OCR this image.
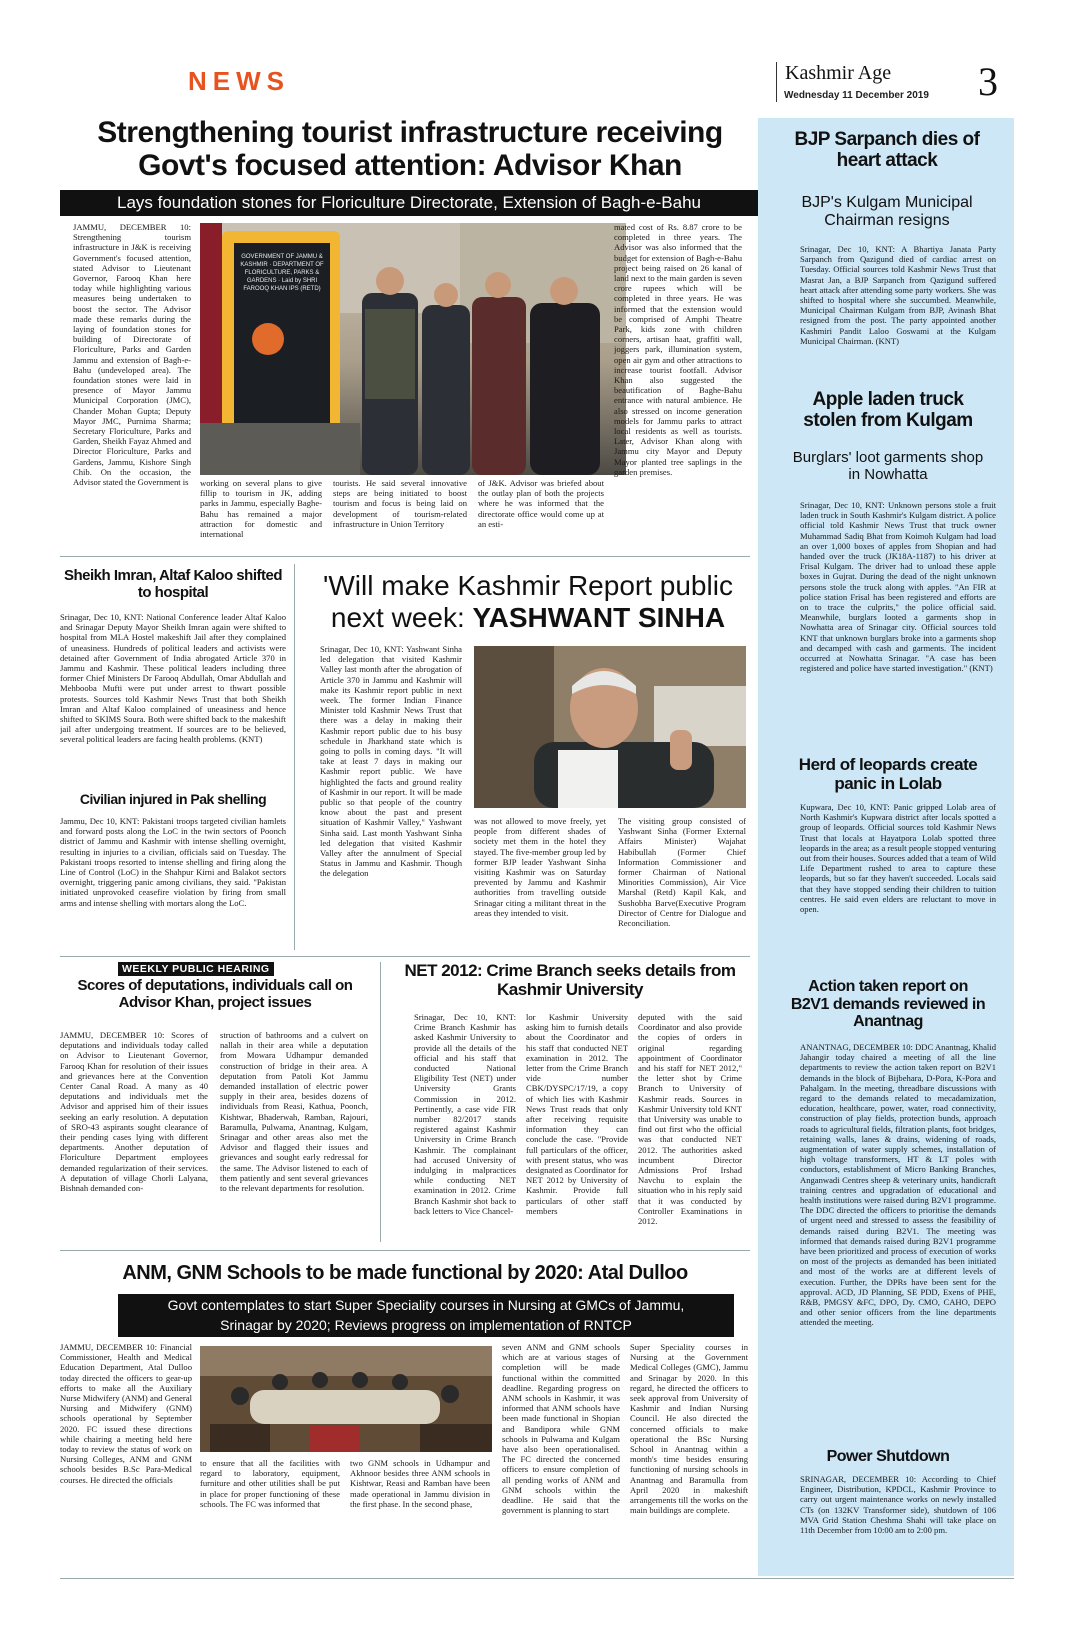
NEWS	Kashmir Age
Wednesday 11 December 2019 3
Strengthening tourist infrastructure receiving Govt's focused attention: Advisor Khan
Lays foundation stones for Floriculture Directorate, Extension of Bagh-e-Bahu
JAMMU, DECEMBER 10: Strengthening tourism infrastructure in J&K is receiving Government's focused attention, stated Advisor to Lieutenant Governor, Farooq Khan here today while highlighting various measures being undertaken to boost the sector. The Advisor made these remarks during the laying of foundation stones for building of Directorate of Floriculture, Parks and Garden Jammu and extension of Bagh-e-Bahu (undeveloped area). The foundation stones were laid in presence of Mayor Jammu Municipal Corporation (JMC), Chander Mohan Gupta; Deputy Mayor JMC, Purnima Sharma; Secretary Floriculture, Parks and Garden, Sheikh Fayaz Ahmed and Director Floriculture, Parks and Gardens, Jammu, Kishore Singh Chib. On the occasion, the Advisor stated the Government is
GOVERNMENT OF JAMMU & KASHMIR · DEPARTMENT OF FLORICULTURE, PARKS & GARDENS · Laid by SHRI FAROOQ KHAN IPS (RETD)
working on several plans to give fillip to tourism in JK, adding parks in Jammu, especially Baghe-Bahu has remained a major attraction for domestic and international
tourists. He said several innovative steps are being initiated to boost tourism and focus is being laid on development of tourism-related infrastructure in Union Territory
of J&K. Advisor was briefed about the outlay plan of both the projects where he was informed that the directorate office would come up at an esti-
mated cost of Rs. 8.87 crore to be completed in three years. The Advisor was also informed that the budget for extension of Bagh-e-Bahu project being raised on 26 kanal of land next to the main garden is seven crore rupees which will be completed in three years. He was informed that the extension would be comprised of Amphi Theatre Park, kids zone with children corners, artisan haat, graffiti wall, joggers park, illumination system, open air gym and other attractions to increase tourist footfall. Advisor Khan also suggested the beautification of Baghe-Bahu entrance with natural ambience. He also stressed on income generation models for Jammu parks to attract local residents as well as tourists. Later, Advisor Khan along with Jammu city Mayor and Deputy Mayor planted tree saplings in the garden premises.
BJP Sarpanch dies of heart attack
BJP's Kulgam Municipal Chairman resigns
Srinagar, Dec 10, KNT: A Bhartiya Janata Party Sarpanch from Qazigund died of cardiac arrest on Tuesday. Official sources told Kashmir News Trust that Masrat Jan, a BJP Sarpanch from Qazigund suffered heart attack after attending some party workers. She was shifted to hospital where she succumbed. Meanwhile, Municipal Chairman Kulgam from BJP, Avinash Bhat resigned from the post. The party appointed another Kashmiri Pandit Laloo Goswami at the Kulgam Municipal Chairman. (KNT)
Apple laden truck stolen from Kulgam
Burglars' loot garments shop in Nowhatta
Srinagar, Dec 10, KNT: Unknown persons stole a fruit laden truck in South Kashmir's Kulgam district. A police official told Kashmir News Trust that truck owner Muhammad Sadiq Bhat from Koimoh Kulgam had load an over 1,000 boxes of apples from Shopian and had handed over the truck (JK18A-1187) to his driver at Frisal Kulgam. The driver had to unload these apple boxes in Gujrat. During the dead of the night unknown persons stole the truck along with apples. "An FIR at police station Frisal has been registered and efforts are on to trace the culprits," the police official said. Meanwhile, burglars looted a garments shop in Nowhatta area of Srinagar city. Official sources told KNT that unknown burglars broke into a garments shop and decamped with cash and garments. The incident occurred at Nowhatta Srinagar. "A case has been registered and police have started investigation." (KNT)
Herd of leopards create panic in Lolab
Kupwara, Dec 10, KNT: Panic gripped Lolab area of North Kashmir's Kupwara district after locals spotted a group of leopards. Official sources told Kashmir News Trust that locals at Hayatpora Lolab spotted three leopards in the area; as a result people stopped venturing out from their houses. Sources added that a team of Wild Life Department rushed to area to capture these leopards, but so far they haven't succeeded. Locals said that they have stopped sending their children to tuition centres. He said even elders are reluctant to move in open.
Action taken report on B2V1 demands reviewed in Anantnag
ANANTNAG, DECEMBER 10: DDC Anantnag, Khalid Jahangir today chaired a meeting of all the line departments to review the action taken report on B2V1 demands in the block of Bijbehara, D-Pora, K-Pora and Pahalgam. In the meeting, threadbare discussions with regard to the demands related to mecadamization, education, healthcare, power, water, road connectivity, construction of play fields, protection bunds, approach roads to agricultural fields, filtration plants, foot bridges, retaining walls, lanes & drains, widening of roads, augmentation of water supply schemes, installation of high voltage transformers, HT & LT poles with conductors, establishment of Micro Banking Branches, Anganwadi Centres sheep & veterinary units, handicraft training centres and upgradation of educational and health institutions were raised during B2V1 programme. The DDC directed the officers to prioritise the demands of urgent need and stressed to assess the feasibility of demands raised during B2V1. The meeting was informed that demands raised during B2V1 programme have been prioritized and process of execution of works on most of the projects as demanded has been initiated and most of the works are at different levels of execution. Further, the DPRs have been sent for the approval. ACD, JD Planning, SE PDD, Exens of PHE, R&B, PMGSY &FC, DPO, Dy. CMO, CAHO, DEPO and other senior officers from the line departments attended the meeting.
Power Shutdown
SRINAGAR, DECEMBER 10: According to Chief Engineer, Distribution, KPDCL, Kashmir Province to carry out urgent maintenance works on newly installed CTs (on 132KV Transformer side), shutdown of 106 MVA Grid Station Cheshma Shahi will take place on 11th December from 10:00 am to 2:00 pm.
Sheikh Imran, Altaf Kaloo shifted to hospital
Srinagar, Dec 10, KNT: National Conference leader Altaf Kaloo and Srinagar Deputy Mayor Sheikh Imran again were shifted to hospital from MLA Hostel makeshift Jail after they complained of uneasiness. Hundreds of political leaders and activists were detained after Government of India abrogated Article 370 in Jammu and Kashmir. These political leaders including three former Chief Ministers Dr Farooq Abdullah, Omar Abdullah and Mehbooba Mufti were put under arrest to thwart possible protests. Sources told Kashmir News Trust that both Sheikh Imran and Altaf Kaloo complained of uneasiness and hence shifted to SKIMS Soura. Both were shifted back to the makeshift jail after undergoing treatment. If sources are to be believed, several political leaders are facing health problems. (KNT)
Civilian injured in Pak shelling
Jammu, Dec 10, KNT: Pakistani troops targeted civilian hamlets and forward posts along the LoC in the twin sectors of Poonch district of Jammu and Kashmir with intense shelling overnight, resulting in injuries to a civilian, officials said on Tuesday. The Pakistani troops resorted to intense shelling and firing along the Line of Control (LoC) in the Shahpur Kirni and Balakot sectors overnight, triggering panic among civilians, they said. "Pakistan initiated unprovoked ceasefire violation by firing from small arms and intense shelling with mortars along the LoC.
'Will make Kashmir Report public next week: YASHWANT SINHA
Srinagar, Dec 10, KNT: Yashwant Sinha led delegation that visited Kashmir Valley last month after the abrogation of Article 370 in Jammu and Kashmir will make its Kashmir report public in next week. The former Indian Finance Minister told Kashmir News Trust that there was a delay in making their Kashmir report public due to his busy schedule in Jharkhand state which is going to polls in coming days. "It will take at least 7 days in making our Kashmir report public. We have highlighted the facts and ground reality of Kashmir in our report. It will be made public so that people of the country know about the past and present situation of Kashmir Valley," Yashwant Sinha said. Last month Yashwant Sinha led delegation that visited Kashmir Valley after the annulment of Special Status in Jammu and Kashmir. Though the delegation
was not allowed to move freely, yet people from different shades of society met them in the hotel they stayed. The five-member group led by former BJP leader Yashwant Sinha visiting Kashmir was on Saturday prevented by Jammu and Kashmir authorities from travelling outside Srinagar citing a militant threat in the areas they intended to visit.
The visiting group consisted of Yashwant Sinha (Former External Affairs Minister) Wajahat Habibullah (Former Chief Information Commissioner and former Chairman of National Minorities Commission), Air Vice Marshal (Retd) Kapil Kak, and Sushobha Barve(Executive Program Director of Centre for Dialogue and Reconciliation.
WEEKLY PUBLIC HEARING
Scores of deputations, individuals call on Advisor Khan, project issues
JAMMU, DECEMBER 10: Scores of deputations and individuals today called on Advisor to Lieutenant Governor, Farooq Khan for resolution of their issues and grievances here at the Convention Center Canal Road. A many as 40 deputations and individuals met the Advisor and apprised him of their issues seeking an early resolution. A deputation of SRO-43 aspirants sought clearance of their pending cases lying with different departments. Another deputation of Floriculture Department employees demanded regularization of their services. A deputation of village Chorli Lalyana, Bishnah demanded con-
struction of bathrooms and a culvert on nallah in their area while a deputation from Mowara Udhampur demanded construction of bridge in their area. A deputation from Patoli Kot Jammu demanded installation of electric power supply in their area, besides dozens of individuals from Reasi, Kathua, Poonch, Kishtwar, Bhaderwah, Ramban, Rajouri, Baramulla, Pulwama, Anantnag, Kulgam, Srinagar and other areas also met the Advisor and flagged their issues and grievances and sought early redressal for the same. The Advisor listened to each of them patiently and sent several grievances to the relevant departments for resolution.
NET 2012: Crime Branch seeks details from Kashmir University
Srinagar, Dec 10, KNT: Crime Branch Kashmir has asked Kashmir University to provide all the details of the official and his staff that conducted National Eligibility Test (NET) under University Grants Commission in 2012. Pertinently, a case vide FIR number 82/2017 stands registered against Kashmir University in Crime Branch Kashmir. The complainant had accused University of indulging in malpractices while conducting NET examination in 2012. Crime Branch Kashmir shot back to back letters to Vice Chancel-
lor Kashmir University asking him to furnish details about the Coordinator and his staff that conducted NET examination in 2012. The letter from the Crime Branch vide number CBK/DYSPC/17/19, a copy of which lies with Kashmir News Trust reads that only after receiving requisite information they can conclude the case. "Provide full particulars of the officer, with present status, who was designated as Coordinator for NET 2012 by University of Kashmir. Provide full particulars of other staff members
deputed with the said Coordinator and also provide the copies of orders in original regarding appointment of Coordinator and his staff for NET 2012," the letter shot by Crime Branch to University of Kashmir reads. Sources in Kashmir University told KNT that University was unable to find out first who the official was that conducted NET 2012. The authorities asked incumbent Director Admissions Prof Irshad Navchu to explain the situation who in his reply said that it was conducted by Controller Examinations in 2012.
ANM, GNM Schools to be made functional by 2020: Atal Dulloo
Govt contemplates to start Super Speciality courses in Nursing at GMCs of Jammu,
Srinagar by 2020; Reviews progress on implementation of RNTCP
JAMMU, DECEMBER 10: Financial Commissioner, Health and Medical Education Department, Atal Dulloo today directed the officers to gear-up efforts to make all the Auxiliary Nurse Midwifery (ANM) and General Nursing and Midwifery (GNM) schools operational by September 2020. FC issued these directions while chairing a meeting held here today to review the status of work on Nursing Colleges, ANM and GNM schools besides B.Sc Para-Medical courses. He directed the officials
to ensure that all the facilities with regard to laboratory, equipment, furniture and other utilities shall be put in place for proper functioning of these schools. The FC was informed that
two GNM schools in Udhampur and Akhnoor besides three ANM schools in Kishtwar, Reasi and Ramban have been made operational in Jammu division in the first phase. In the second phase,
seven ANM and GNM schools which are at various stages of completion will be made functional within the committed deadline. Regarding progress on ANM schools in Kashmir, it was informed that ANM schools have been made functional in Shopian and Bandipora while GNM schools in Pulwama and Kulgam have also been operationalised. The FC directed the concerned officers to ensure completion of all pending works of ANM and GNM schools within the deadline. He said that the government is planning to start
Super Speciality courses in Nursing at the Government Medical Colleges (GMC), Jammu and Srinagar by 2020. In this regard, he directed the officers to seek approval from University of Kashmir and Indian Nursing Council. He also directed the concerned officials to make operational the BSc Nursing School in Anantnag within a month's time besides ensuring functioning of nursing schools in Anantnag and Baramulla from April 2020 in makeshift arrangements till the works on the main buildings are complete.
